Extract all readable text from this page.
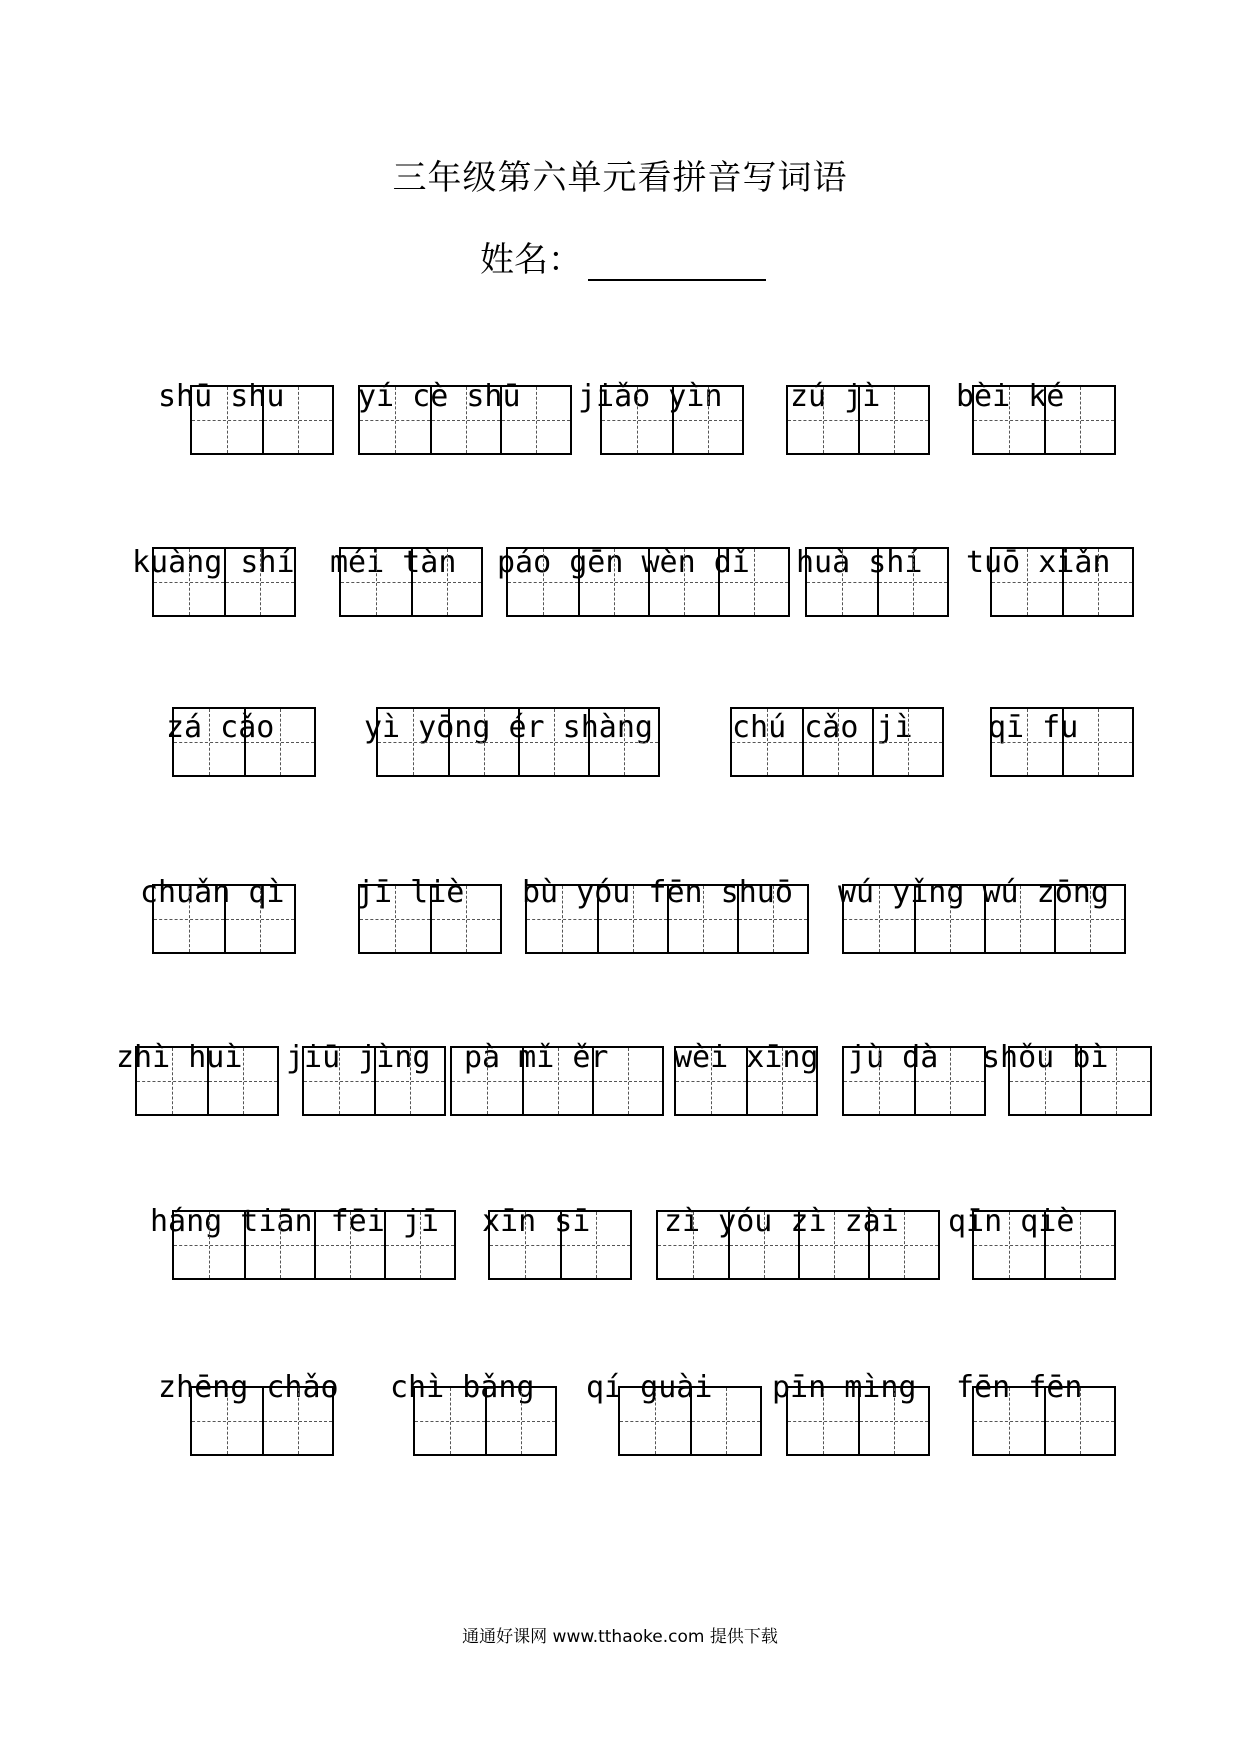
三年级第六单元看拼音写词语
姓名：
shū shu yí cè shū jiǎo yìn zú jì	bèi ké
kuàng shí méi tàn páo gēn wèn dǐ huà shí tuō xiǎn
zá cǎo	yì yōng ér shàng	chú cǎo jì	qī fu
chuǎn qì jī liè bù yóu fēn shuō wú yǐng wú zōng
zhì huì jiū jìng pà mǐ ěr wèi xīng jù dà shǒu bì
háng tiān fēi jī xīn sī zì yóu zì zài qīn qiè
zhēng chǎo chì bǎng qí guài pīn mìng fēn fēn
通通好课网 www.tthaoke.com 提供下载
